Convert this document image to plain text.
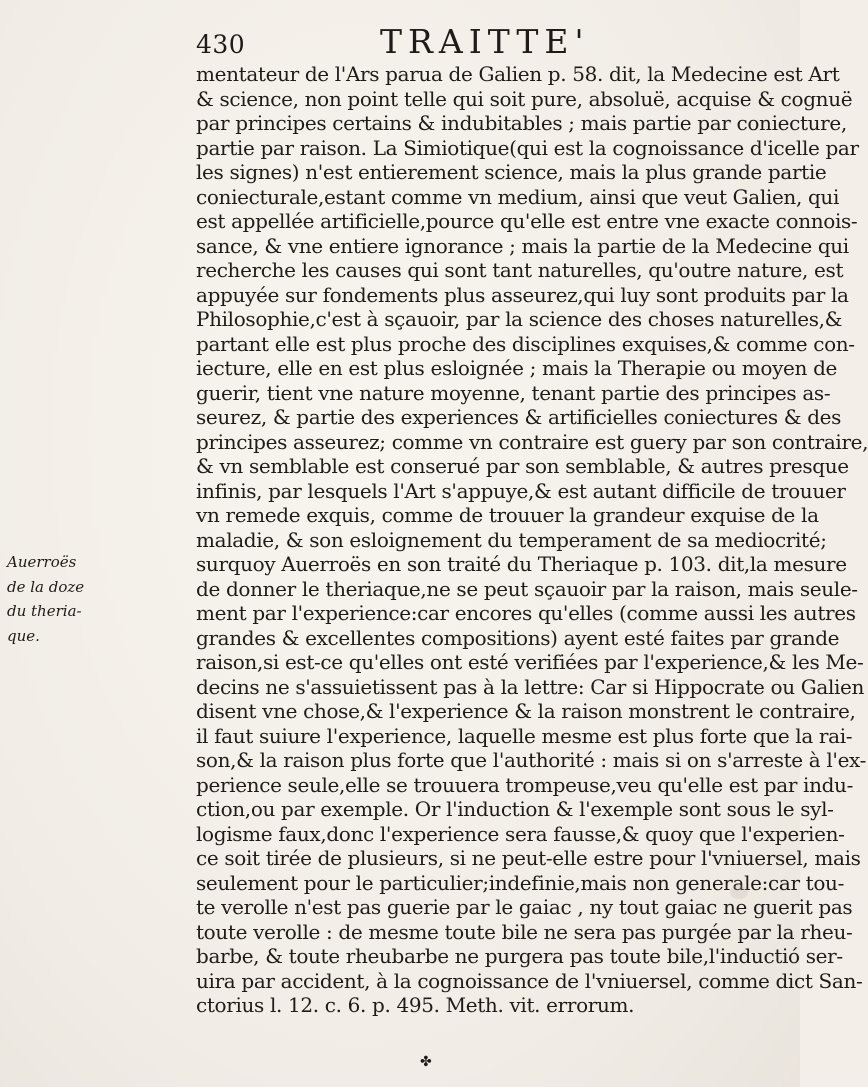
430	TRAITTE'
Auerroës
de la doze
du theria-
que.
mentateur de l'Ars parua de Galien p. 58. dit, la Medecine est Art
& science, non point telle qui soit pure, absoluë, acquise & cognuë
par principes certains & indubitables ; mais partie par coniecture,
partie par raison. La Simiotique(qui est la cognoissance d'icelle par
les signes) n'est entierement science, mais la plus grande partie
coniecturale,estant comme vn medium, ainsi que veut Galien, qui
est appellée artificielle,pource qu'elle est entre vne exacte connois-
sance, & vne entiere ignorance ; mais la partie de la Medecine qui
recherche les causes qui sont tant naturelles, qu'outre nature, est
appuyée sur fondements plus asseurez,qui luy sont produits par la
Philosophie,c'est à sçauoir, par la science des choses naturelles,&
partant elle est plus proche des disciplines exquises,& comme con-
iecture, elle en est plus esloignée ; mais la Therapie ou moyen de
guerir, tient vne nature moyenne, tenant partie des principes as-
seurez, & partie des experiences & artificielles coniectures & des
principes asseurez; comme vn contraire est guery par son contraire,
& vn semblable est conserué par son semblable, & autres presque
infinis, par lesquels l'Art s'appuye,& est autant difficile de trouuer
vn remede exquis, comme de trouuer la grandeur exquise de la
maladie, & son esloignement du temperament de sa mediocrité;
surquoy Auerroës en son traité du Theriaque p. 103. dit,la mesure
de donner le theriaque,ne se peut sçauoir par la raison, mais seule-
ment par l'experience:car encores qu'elles (comme aussi les autres
grandes & excellentes compositions) ayent esté faites par grande
raison,si est-ce qu'elles ont esté verifiées par l'experience,& les Me-
decins ne s'assuietissent pas à la lettre: Car si Hippocrate ou Galien
disent vne chose,& l'experience & la raison monstrent le contraire,
il faut suiure l'experience, laquelle mesme est plus forte que la rai-
son,& la raison plus forte que l'authorité : mais si on s'arreste à l'ex-
perience seule,elle se trouuera trompeuse,veu qu'elle est par indu-
ction,ou par exemple. Or l'induction & l'exemple sont sous le syl-
logisme faux,donc l'experience sera fausse,& quoy que l'experien-
ce soit tirée de plusieurs, si ne peut-elle estre pour l'vniuersel, mais
seulement pour le particulier;indefinie,mais non generale:car tou-
te verolle n'est pas guerie par le gaiac , ny tout gaiac ne guerit pas
toute verolle : de mesme toute bile ne sera pas purgée par la rheu-
barbe, & toute rheubarbe ne purgera pas toute bile,l'inductió ser-
uira par accident, à la cognoissance de l'vniuersel, comme dict San-
ctorius l. 12. c. 6. p. 495. Meth. vit. errorum.
✤
